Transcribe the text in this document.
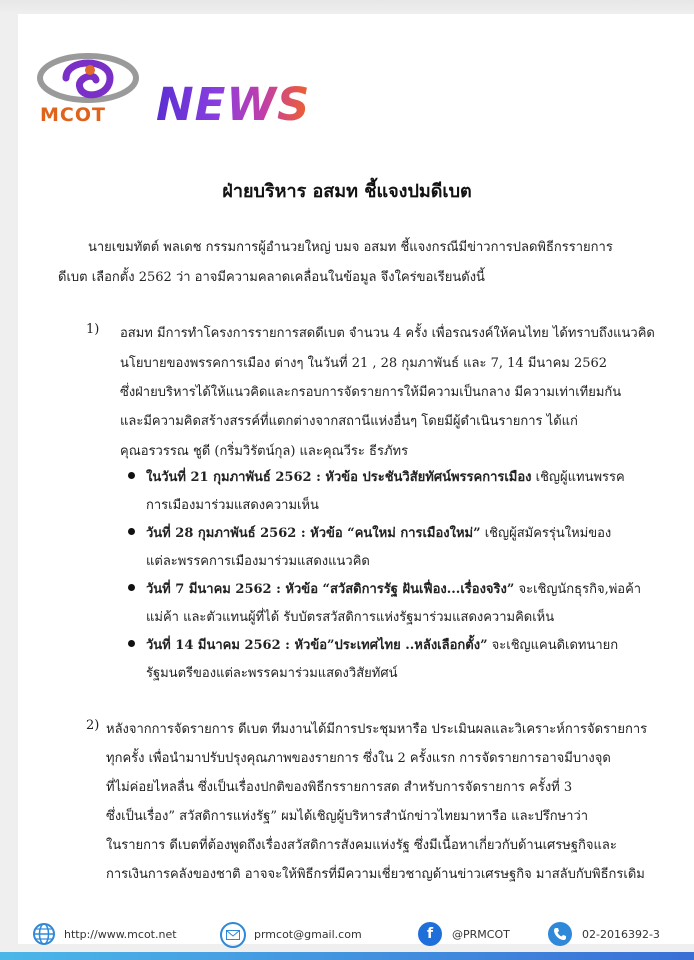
MCOT NEWS
ฝ่ายบริหาร อสมท ชี้แจงปมดีเบต
นายเขมทัตต์ พลเดช กรรมการผู้อำนวยใหญ่ บมจ อสมท ชี้แจงกรณีมีข่าวการปลดพิธีกรรายการ
ดีเบต เลือกตั้ง 2562 ว่า อาจมีความคลาดเคลื่อนในข้อมูล จึงใคร่ขอเรียนดังนี้
1) อสมท มีการทำโครงการรายการสดดีเบต จำนวน 4 ครั้ง เพื่อรณรงค์ให้คนไทย ได้ทราบถึงแนวคิด
นโยบายของพรรคการเมือง ต่างๆ ในวันที่ 21 , 28 กุมภาพันธ์ และ 7, 14 มีนาคม 2562
ซึ่งฝ่ายบริหารได้ให้แนวคิดและกรอบการจัดรายการให้มีความเป็นกลาง มีความเท่าเทียมกัน
และมีความคิดสร้างสรรค์ที่แตกต่างจากสถานีแห่งอื่นๆ โดยมีผู้ดำเนินรายการ ได้แก่
คุณอรวรรณ ชูดี (กริ่มวิรัตน์กุล) และคุณวีระ ธีรภัทร
ในวันที่ 21 กุมภาพันธ์ 2562 : หัวข้อ ประชันวิสัยทัศน์พรรคการเมือง เชิญผู้แทนพรรค
การเมืองมาร่วมแสดงความเห็น
วันที่ 28 กุมภาพันธ์ 2562 : หัวข้อ “คนใหม่ การเมืองใหม่” เชิญผู้สมัครรุ่นใหม่ของ
แต่ละพรรคการเมืองมาร่วมแสดงแนวคิด
วันที่ 7 มีนาคม 2562 : หัวข้อ “สวัสดิการรัฐ ฝันเฟื่อง...เรื่องจริง” จะเชิญนักธุรกิจ,พ่อค้า
แม่ค้า และตัวแทนผู้ที่ได้ รับบัตรสวัสดิการแห่งรัฐมาร่วมแสดงความคิดเห็น
วันที่ 14 มีนาคม 2562 : หัวข้อ”ประเทศไทย ..หลังเลือกตั้ง” จะเชิญแคนดิเดทนายก
รัฐมนตรีของแต่ละพรรคมาร่วมแสดงวิสัยทัศน์
2) หลังจากการจัดรายการ ดีเบต ทีมงานได้มีการประชุมหารือ ประเมินผลและวิเคราะห์การจัดรายการ
ทุกครั้ง เพื่อนำมาปรับปรุงคุณภาพของรายการ ซึ่งใน 2 ครั้งแรก การจัดรายการอาจมีบางจุด
ที่ไม่ค่อยไหลลื่น ซึ่งเป็นเรื่องปกติของพิธีกรรายการสด สำหรับการจัดรายการ ครั้งที่ 3
ซึ่งเป็นเรื่อง” สวัสดิการแห่งรัฐ” ผมได้เชิญผู้บริหารสำนักข่าวไทยมาหารือ และปรึกษาว่า
ในรายการ ดีเบตที่ต้องพูดถึงเรื่องสวัสดิการสังคมแห่งรัฐ ซึ่งมีเนื้อหาเกี่ยวกับด้านเศรษฐกิจและ
การเงินการคลังของชาติ อาจจะให้พิธีกรที่มีความเชี่ยวชาญด้านข่าวเศรษฐกิจ มาสลับกับพิธีกรเดิม
http://www.mcot.net	prmcot@gmail.com	f @PRMCOT	02-2016392-3
